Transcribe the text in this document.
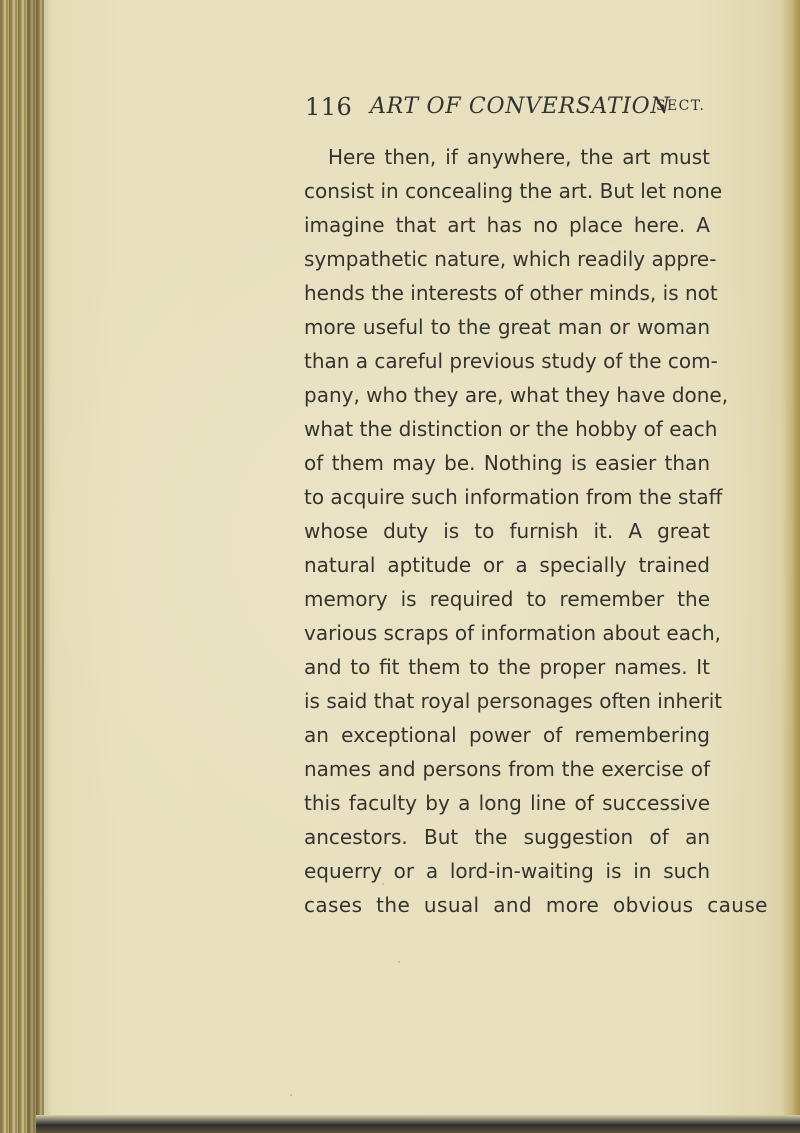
116 ART OF CONVERSATION
SECT.
Here then, if anywhere, the art must
consist in concealing the art. But let none
imagine that art has no place here. A
sympathetic nature, which readily appre-
hends the interests of other minds, is not
more useful to the great man or woman
than a careful previous study of the com-
pany, who they are, what they have done,
what the distinction or the hobby of each
of them may be. Nothing is easier than
to acquire such information from the staff
whose duty is to furnish it. A great
natural aptitude or a specially trained
memory is required to remember the
various scraps of information about each,
and to fit them to the proper names. It
is said that royal personages often inherit
an exceptional power of remembering
names and persons from the exercise of
this faculty by a long line of successive
ancestors. But the suggestion of an
equerry or a lord-in-waiting is in such
cases the usual and more obvious cause
